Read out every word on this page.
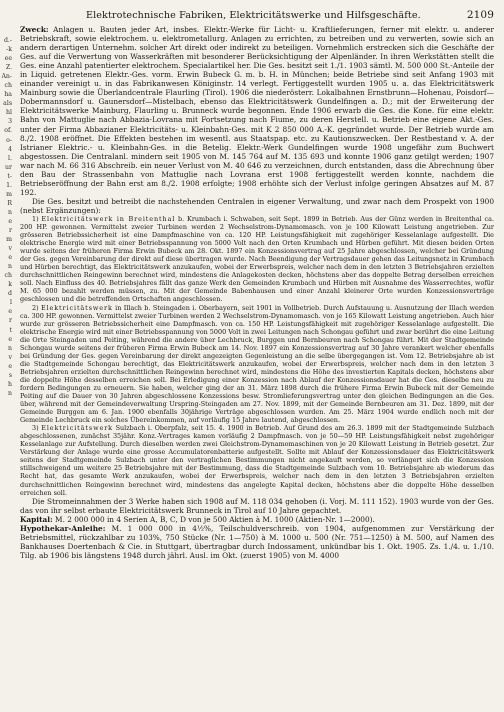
d.-
-k
ee
Z.
An-
ch
ha
als
hl
3
of.
o-
4
l.
ur
t-
1.
m
R
n
e
r
m
v
e
n
ch
k
d
l
e
r
t
e
n
v
e
s
h
n
Elektrotechnische Fabriken, Elektricitätswerke und Hilfsgeschäfte.	2109

Zweck: Anlagen u. Bauten jeder Art, insbes. Elektr.-Werke für Licht- u. Kraftlieferungen, ferner mit elektr. u. anderer Betriebskraft, sowie elektrochem. u. elektrometallurg. Anlagen zu errichten, zu betreiben und zu verwerten, sowie sich an andern derartigen Unternehm. solcher Art direkt oder indirekt zu beteiligen. Vornehmlich erstrecken sich die Geschäfte der Ges. auf die Verwertung von Wasserkräften mit besonderer Berücksichtigung der Alpenländer. In ihren Werkstätten stellt die Ges. eine Anzahl patentierter elektrochem. Specialartikel her. Die Ges. besitzt seit 1./1. 1903 sämtl. M. 500 000 St.-Anteile der in Liquid. getretenen Elektr.-Ges. vorm. Erwin Bubeck G. m. b. H. in München; beide Betriebe sind seit Anfang 1903 mit einander vereinigt u. in das Fabrikanwesen Königinstr. 14 verlegt. Fertiggestellt wurden 1905 u. a. das Elektricitätswerk Mainburg sowie die Überlandcentrale Flaurling (Tirol). 1906 die niederösterr. Lokalbahnen Ernstbrunn—Hohenau, Poisdorf—Dobermannsdorf u. Gaunersdorf—Mistelbach, ebenso das Elektricitätswerk Gundelfingen a. D.; mit der Erweiterung der Elektricitätswerke Mainburg, Flaurling u. Brunneck wurde begonnen. Ende 1906 erwarb die Ges. die Kone. für eine elektr. Bahn von Mattuglie nach Abbazia-Lovrana mit Fortsetzung nach Fiume, zu deren Herstell. u. Betrieb eine eigene Akt.-Ges. unter der Firma Abbazianer Elektricitäts- u. Kleinbahn-Ges. mit K 2 850 000 A.-K. gegründet wurde. Der Betrieb wurde am 8./2. 1908 eröffnet. Die Effekten bestehen im wesentl. aus Staatspap. etc. zu Kautionszwecken. Der Restbestand v. A. der Istrianer Elektric.- u. Kleinbahn-Ges. in die Betelig. Elektr.-Werk Gundelfingen wurde 1908 ungefähr zum Buchwert abgestossen. Die Centralanl. mindern seit 1905 von M. 145 764 auf M. 135 693 und konnte 1906 ganz getilgt werden; 1907 war nach M. 66 316 Abschreib. ein neuer Verlust von M. 40 646 zu verzeichnen, durch entstanden, dass die Abrechnung über den Bau der Strassenbahn von Mattuglie nach Lovrana erst 1908 fertiggestellt werden konnte, nachdem die Betriebseröffnung der Bahn erst am 8./2. 1908 erfolgte; 1908 erhöhte sich der Verlust infolge geringen Absatzes auf M. 87 192.

Die Ges. besitzt und betreibt die nachstehenden Centralen in eigener Verwaltung, und zwar nach dem Prospekt von 1900 (nebst Ergänzungen):

1) Elektricitätswerk in Breitenthal b. Krumbach i. Schwaben, seit Sept. 1899 in Betrieb. Aus der Günz werden in Breitenthal ca. 200 HP. gewonnen. Vermittelst zweier Turbinen werden 2 Wechselstrom-Dynamomasch. von je 100 Kilowatt Leistung angetrieben. Zur grösseren Betriebssicherheit ist eine Dampfmaschine von ca. 120 HP. Leistungsfähigkeit mit zugehöriger Kesselanlage aufgestellt. Die elektrische Energie wird mit einer Betriebsspannung von 5000 Volt nach den Orten Krumbach und Hürben geführt. Mit diesen beiden Orten wurde seitens der früheren Firma Erwin Bubeck am 28. Okt. 1897 ein Konzessionsvertrag auf 25 Jahre abgeschlossen, welcher bei Gründung der Ges. gegen Vereinbarung der direkt auf diese übertragen wurde. Nach Beendigung der Vertragsdauer gehen das Leitungsnetz in Krumbach und Hürben berechtigt, das Elektricitätswerk anzukaufen, wobei der Erwerbspreis, welcher nach dem in den letzten 3 Betriebsjahren erzielten durchschnittlichen Reingewinn berechnet wird, mindestens die Anlagekosten decken, höchstens aber das doppelte Betrag derselben erreichen soll. Nach Einfluss des 40. Betriebsjahres fällt das ganze Werk den Gemeinden Krumbach und Hürben mit Ausnahme des Wasserrechtes, wofür M. 65 000 bezahlt werden müssen, zu. Mit der Gemeinde Babenhausen und einer Anzahl kleinerer Orte wurden Konzessionsverträge geschlossen und die betreffenden Ortschaften angeschlossen.

2) Elektricitätswerk in Illach b. Steingaden i. Oberbayern, seit 1901 in Vollbetrieb. Durch Aufstauung u. Ausnutzung der Illach werden ca. 300 HP. gewonnen. Vermittelst zweier Turbinen werden 2 Wechselstrom-Dynamomasch. von je 165 Kilowatt Leistung angetrieben. Auch hier wurde zur grösseren Betriebssicherheit eine Dampfmasch. von ca. 150 HP. Leistungsfähigkeit mit zugehöriger Kesselanlage aufgestellt. Die elektrische Energie wird mit einer Betriebsspannung von 5000 Volt in zwei Leitungen nach Schongau geführt und zwar berührt die eine Leitung die Orte Steingaden und Peiting, während die andere über Lechbruck, Burggen und Bernbeuren nach Schongau führt. Mit der Stadtgemeinde Schongau wurde seitens der früheren Firma Erwin Bubeck am 14. Nov. 1897 ein Konzessionsvertrag auf 30 Jahre verankert welcher ebenfalls bei Gründung der Ges. gegen Vereinbarung der direkt angezeigten Gegenleistung an die selbe übergegangen ist. Vom 12. Betriebsjahre ab ist die Stadtgemeinde Schongau berechtigt, das Elektricitätswerk anzukaufen, wobei der Erwerbspreis, welcher nach dem in den letzten 3 Betriebsjahren erzielten durchschnittlichen Reingewinn berechnet wird, mindestens die Höhe des investierten Kapitals decken, höchstens aber die doppelte Höhe desselben erreichen soll. Bei Erledigung einer Konzession nach Ablauf der Konzessionsdauer hat die Ges. dieselbe neu zu fordern Bedingungen zu erneuern. Sie haben, welcher ging der an 31. März 1898 durch die frühere Firma Erwin Bubeck mit der Gemeinde Peiting auf die Dauer von 30 Jahren abgeschlossene Konzessions besw. Stromlieferungsvertrag unter den gleichen Bedingungen an die Ges. über, während mit der Gemeindeverwaltung Urspring-Steingaden am 27. Nov. 1899, mit der Gemeinde Bernbeuren am 31. Dez. 1899, mit der Gemeinde Burggen am 6. Jan. 1900 ebenfalls 30jährige Verträge abgeschlossen wurden. Am 25. März 1904 wurde endlich noch mit der Gemeinde Lechbruck ein solches Übereinkommen, auf vorläufig 15 Jahre lautend, abgeschlossen.

3) Elektricitätswerk Sulzbach i. Oberpfalz, seit 15. 4. 1900 in Betrieb. Auf Grund des am 26.3. 1899 mit der Stadtgemeinde Sulzbach abgeschlossenen, zunächst 35jähr. Konz.-Vertrages kamen vorläufig 2 Dampfmasch. von je 50—59 HP. Leistungsfähigkeit nebst zugehöriger Kesselanlage zur Aufstellung. Durch dieselben werden zwei Gleichstrom-Dynamomaschinen von je 20 Kilowatt Leistung in Betrieb gesetzt. Zur Verstärkung der Anlage wurde eine grosse Accumulatorenbatterie aufgestellt. Sollte mit Ablauf der Konzessionsdauer das Elektricitätswerk seitens der Stadtgemeinde Sulzbach unter den vertraglichen Bestimmungen nicht angekauft werden, so verlängert sich die Konzession stillschweigend um weitere 25 Betriebsjahre mit der Bestimmung, dass die Stadtgemeinde Sulzbach vom 10. Betriebsjahre ab wiederum das Recht hat, das gesamte Werk anzukaufen, wobei der Erwerbspreis, welcher nach dem in den letzten 3 Betriebsjahren erzielten durchschnittlichen Reingewinn berechnet wird, mindestens das angelegte Kapital decken, höchstens aber die doppelte Höhe desselben erreichen soll.

Die Stromeinnahmen der 3 Werke haben sich 1908 auf M. 118 034 gehoben (i. Vorj. M. 111 152). 1903 wurde von der Ges. das von ihr selbst erbaute Elektricitätswerk Brunneck in Tirol auf 10 Jahre gepachtet.

Kapital: M. 2 000 000 in 4 Serien A, B, C, D von je 500 Aktien à M. 1000 (Aktien-Nr. 1—2000).

Hypothekar-Anleihe: M. 1 000 000 in 4½%, Teilschuldverschreib. von 1904, aufgenommen zur Verstärkung der Betriebsmittel, rückzahlbar zu 103%, 750 Stücke (Nr. 1—750) à M. 1000 u. 500 (Nr. 751—1250) à M. 500, auf Namen des Bankhauses Doertenbach & Cie. in Stuttgart, übertragbar durch Indossament, unkündbar bis 1. Okt. 1905. Zs. 1./4. u. 1./10. Tilg. ab 1906 bis längstens 1948 durch jährl. Ausl. im Okt. (zuerst 1905) von M. 4000
